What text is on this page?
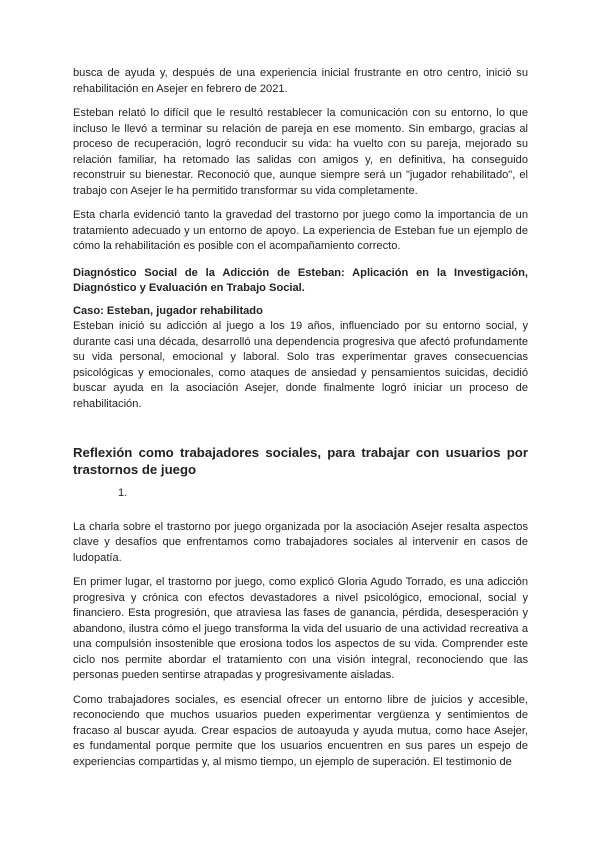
busca de ayuda y, después de una experiencia inicial frustrante en otro centro, inició su rehabilitación en Asejer en febrero de 2021.

Esteban relató lo difícil que le resultó restablecer la comunicación con su entorno, lo que incluso le llevó a terminar su relación de pareja en ese momento. Sin embargo, gracias al proceso de recuperación, logró reconducir su vida: ha vuelto con su pareja, mejorado su relación familiar, ha retomado las salidas con amigos y, en definitiva, ha conseguido reconstruir su bienestar. Reconoció que, aunque siempre será un "jugador rehabilitado", el trabajo con Asejer le ha permitido transformar su vida completamente.

Esta charla evidenció tanto la gravedad del trastorno por juego como la importancia de un tratamiento adecuado y un entorno de apoyo. La experiencia de Esteban fue un ejemplo de cómo la rehabilitación es posible con el acompañamiento correcto.

Diagnóstico Social de la Adicción de Esteban: Aplicación en la Investigación, Diagnóstico y Evaluación en Trabajo Social.

Caso: Esteban, jugador rehabilitado

Esteban inició su adicción al juego a los 19 años, influenciado por su entorno social, y durante casi una década, desarrolló una dependencia progresiva que afectó profundamente su vida personal, emocional y laboral. Solo tras experimentar graves consecuencias psicológicas y emocionales, como ataques de ansiedad y pensamientos suicidas, decidió buscar ayuda en la asociación Asejer, donde finalmente logró iniciar un proceso de rehabilitación.

Reflexión como trabajadores sociales, para trabajar con usuarios por trastornos de juego

1.

La charla sobre el trastorno por juego organizada por la asociación Asejer resalta aspectos clave y desafíos que enfrentamos como trabajadores sociales al intervenir en casos de ludopatía.

En primer lugar, el trastorno por juego, como explicó Gloria Agudo Torrado, es una adicción progresiva y crónica con efectos devastadores a nivel psicológico, emocional, social y financiero. Esta progresión, que atraviesa las fases de ganancia, pérdida, desesperación y abandono, ilustra cómo el juego transforma la vida del usuario de una actividad recreativa a una compulsión insostenible que erosiona todos los aspectos de su vida. Comprender este ciclo nos permite abordar el tratamiento con una visión integral, reconociendo que las personas pueden sentirse atrapadas y progresivamente aisladas.

Como trabajadores sociales, es esencial ofrecer un entorno libre de juicios y accesible, reconociendo que muchos usuarios pueden experimentar vergüenza y sentimientos de fracaso al buscar ayuda. Crear espacios de autoayuda y ayuda mutua, como hace Asejer, es fundamental porque permite que los usuarios encuentren en sus pares un espejo de experiencias compartidas y, al mismo tiempo, un ejemplo de superación. El testimonio de
